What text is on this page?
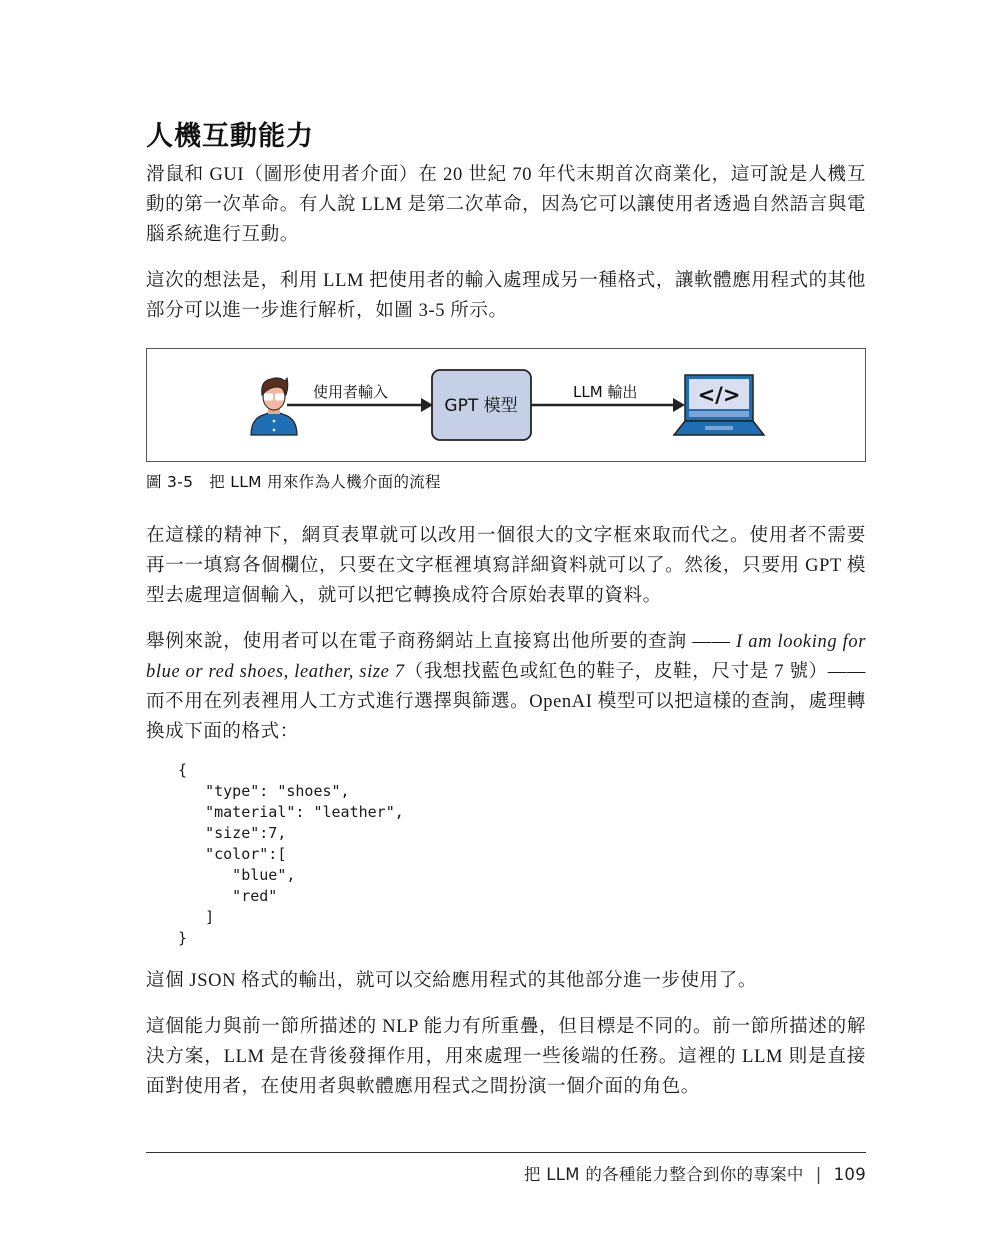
人機互動能力

滑鼠和 GUI（圖形使用者介面）在 20 世紀 70 年代末期首次商業化，這可說是人機互動的第一次革命。有人說 LLM 是第二次革命，因為它可以讓使用者透過自然語言與電腦系統進行互動。

這次的想法是，利用 LLM 把使用者的輸入處理成另一種格式，讓軟體應用程式的其他部分可以進一步進行解析，如圖 3-5 所示。

使用者輸入
GPT 模型
LLM 輸出	</>
圖 3-5 把 LLM 用來作為人機介面的流程

在這樣的精神下，網頁表單就可以改用一個很大的文字框來取而代之。使用者不需要再一一填寫各個欄位，只要在文字框裡填寫詳細資料就可以了。然後，只要用 GPT 模型去處理這個輸入，就可以把它轉換成符合原始表單的資料。

舉例來說，使用者可以在電子商務網站上直接寫出他所要的查詢 —— I am looking for blue or red shoes, leather, size 7（我想找藍色或紅色的鞋子，皮鞋，尺寸是 7 號）—— 而不用在列表裡用人工方式進行選擇與篩選。OpenAI 模型可以把這樣的查詢，處理轉換成下面的格式：

{
"type": "shoes",
"material": "leather",
"size":7,
"color":[
"blue",
"red"
]
}

這個 JSON 格式的輸出，就可以交給應用程式的其他部分進一步使用了。

這個能力與前一節所描述的 NLP 能力有所重疊，但目標是不同的。前一節所描述的解決方案，LLM 是在背後發揮作用，用來處理一些後端的任務。這裡的 LLM 則是直接面對使用者，在使用者與軟體應用程式之間扮演一個介面的角色。

把 LLM 的各種能力整合到你的專案中 | 109
